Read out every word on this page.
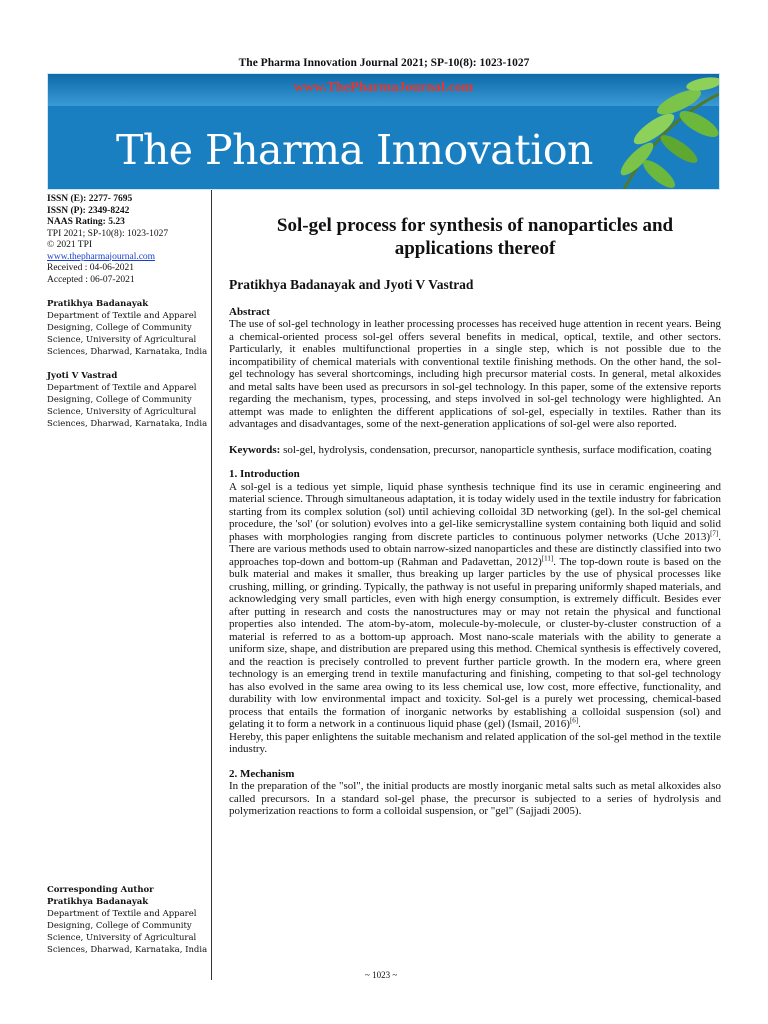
The Pharma Innovation Journal 2021; SP-10(8): 1023-1027
www.ThePharmaJournal.com
The Pharma Innovation
ISSN (E): 2277- 7695
ISSN (P): 2349-8242
NAAS Rating: 5.23
TPI 2021; SP-10(8): 1023-1027
© 2021 TPI
www.thepharmajournal.com
Received : 04-06-2021
Accepted : 06-07-2021
Pratikhya Badanayak
Department of Textile and Apparel Designing, College of Community Science, University of Agricultural Sciences, Dharwad, Karnataka, India
Jyoti V Vastrad
Department of Textile and Apparel Designing, College of Community Science, University of Agricultural Sciences, Dharwad, Karnataka, India
Corresponding Author
Pratikhya Badanayak
Department of Textile and Apparel Designing, College of Community Science, University of Agricultural Sciences, Dharwad, Karnataka, India
Sol-gel process for synthesis of nanoparticles and applications thereof
Pratikhya Badanayak and Jyoti V Vastrad
Abstract

The use of sol-gel technology in leather processing processes has received huge attention in recent years. Being a chemical-oriented process sol-gel offers several benefits in medical, optical, textile, and other sectors. Particularly, it enables multifunctional properties in a single step, which is not possible due to the incompatibility of chemical materials with conventional textile finishing methods. On the other hand, the sol-gel technology has several shortcomings, including high precursor material costs. In general, metal alkoxides and metal salts have been used as precursors in sol-gel technology. In this paper, some of the extensive reports regarding the mechanism, types, processing, and steps involved in sol-gel technology were highlighted. An attempt was made to enlighten the different applications of sol-gel, especially in textiles. Rather than its advantages and disadvantages, some of the next-generation applications of sol-gel were also reported.

Keywords: sol-gel, hydrolysis, condensation, precursor, nanoparticle synthesis, surface modification, coating
1. Introduction

A sol-gel is a tedious yet simple, liquid phase synthesis technique find its use in ceramic engineering and material science. Through simultaneous adaptation, it is today widely used in the textile industry for fabrication starting from its complex solution (sol) until achieving colloidal 3D networking (gel). In the sol-gel chemical procedure, the 'sol' (or solution) evolves into a gel-like semicrystalline system containing both liquid and solid phases with morphologies ranging from discrete particles to continuous polymer networks (Uche 2013)[7]. There are various methods used to obtain narrow-sized nanoparticles and these are distinctly classified into two approaches top-down and bottom-up (Rahman and Padavettan, 2012)[11]. The top-down route is based on the bulk material and makes it smaller, thus breaking up larger particles by the use of physical processes like crushing, milling, or grinding. Typically, the pathway is not useful in preparing uniformly shaped materials, and acknowledging very small particles, even with high energy consumption, is extremely difficult. Besides ever after putting in research and costs the nanostructures may or may not retain the physical and functional properties also intended. The atom-by-atom, molecule-by-molecule, or cluster-by-cluster construction of a material is referred to as a bottom-up approach. Most nano-scale materials with the ability to generate a uniform size, shape, and distribution are prepared using this method. Chemical synthesis is effectively covered, and the reaction is precisely controlled to prevent further particle growth. In the modern era, where green technology is an emerging trend in textile manufacturing and finishing, competing to that sol-gel technology has also evolved in the same area owing to its less chemical use, low cost, more effective, functionality, and durability with low environmental impact and toxicity. Sol-gel is a purely wet processing, chemical-based process that entails the formation of inorganic networks by establishing a colloidal suspension (sol) and gelating it to form a network in a continuous liquid phase (gel) (Ismail, 2016)[6].

Hereby, this paper enlightens the suitable mechanism and related application of the sol-gel method in the textile industry.

2. Mechanism

In the preparation of the "sol", the initial products are mostly inorganic metal salts such as metal alkoxides also called precursors. In a standard sol-gel phase, the precursor is subjected to a series of hydrolysis and polymerization reactions to form a colloidal suspension, or "gel" (Sajjadi 2005).

~ 1023 ~
